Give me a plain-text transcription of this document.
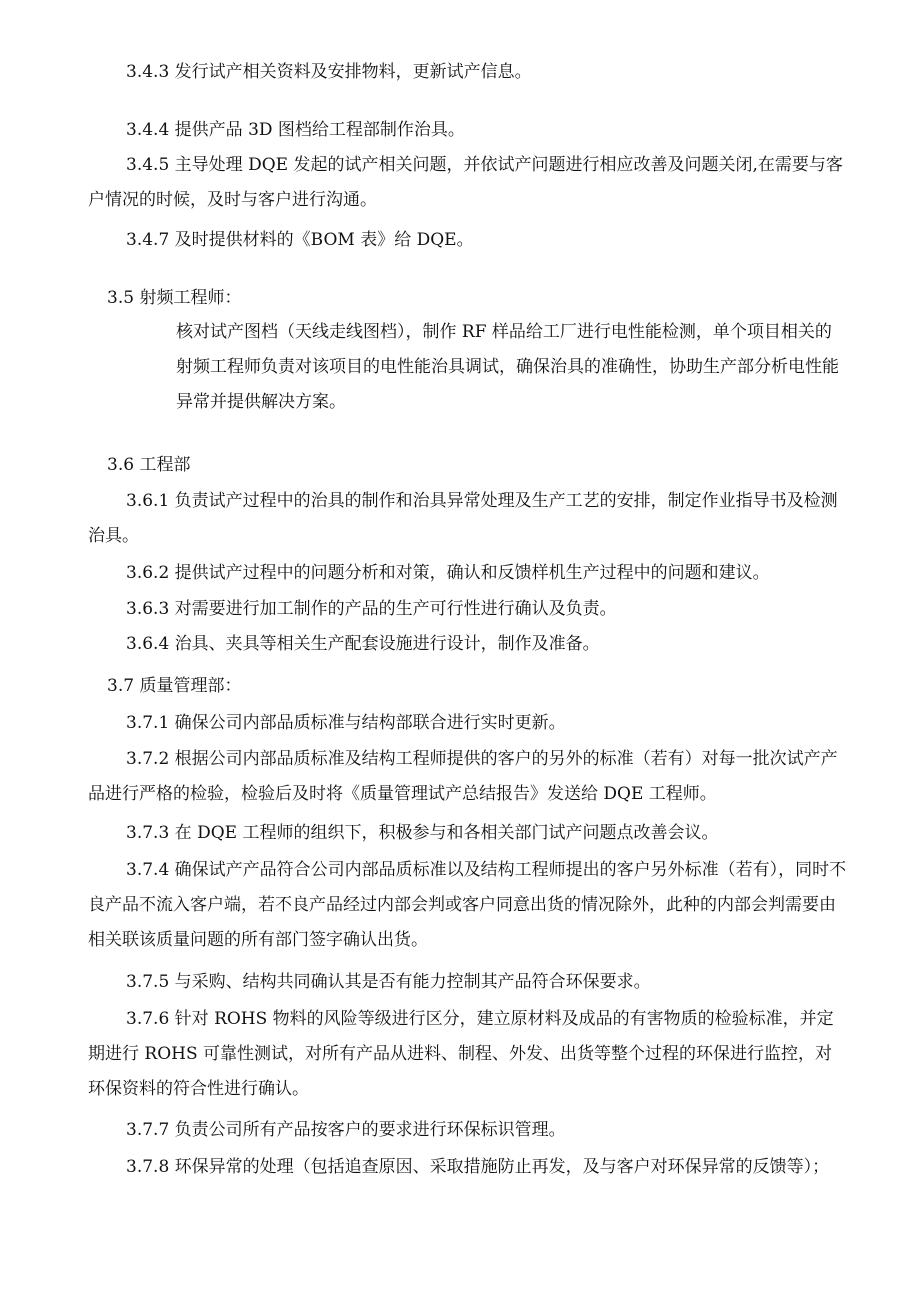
3.4.3 发行试产相关资料及安排物料，更新试产信息。

3.4.4 提供产品 3D 图档给工程部制作治具。

3.4.5 主导处理 DQE 发起的试产相关问题，并依试产问题进行相应改善及问题关闭,在需要与客户情况的时候，及时与客户进行沟通。

3.4.7 及时提供材料的《BOM 表》给 DQE。

3.5 射频工程师：

核对试产图档（天线走线图档），制作 RF 样品给工厂进行电性能检测，单个项目相关的射频工程师负责对该项目的电性能治具调试，确保治具的准确性，协助生产部分析电性能异常并提供解决方案。

3.6 工程部

3.6.1 负责试产过程中的治具的制作和治具异常处理及生产工艺的安排，制定作业指导书及检测治具。

3.6.2 提供试产过程中的问题分析和对策，确认和反馈样机生产过程中的问题和建议。

3.6.3 对需要进行加工制作的产品的生产可行性进行确认及负责。

3.6.4 治具、夹具等相关生产配套设施进行设计，制作及准备。

3.7 质量管理部：

3.7.1 确保公司内部品质标准与结构部联合进行实时更新。

3.7.2 根据公司内部品质标准及结构工程师提供的客户的另外的标准（若有）对每一批次试产产品进行严格的检验，检验后及时将《质量管理试产总结报告》发送给 DQE 工程师。

3.7.3 在 DQE 工程师的组织下，积极参与和各相关部门试产问题点改善会议。

3.7.4 确保试产产品符合公司内部品质标准以及结构工程师提出的客户另外标准（若有），同时不良产品不流入客户端，若不良产品经过内部会判或客户同意出货的情况除外，此种的内部会判需要由相关联该质量问题的所有部门签字确认出货。

3.7.5 与采购、结构共同确认其是否有能力控制其产品符合环保要求。

3.7.6 针对 ROHS 物料的风险等级进行区分，建立原材料及成品的有害物质的检验标准，并定期进行 ROHS 可靠性测试，对所有产品从进料、制程、外发、出货等整个过程的环保进行监控，对环保资料的符合性进行确认。

3.7.7 负责公司所有产品按客户的要求进行环保标识管理。

3.7.8 环保异常的处理（包括追查原因、采取措施防止再发，及与客户对环保异常的反馈等）；
